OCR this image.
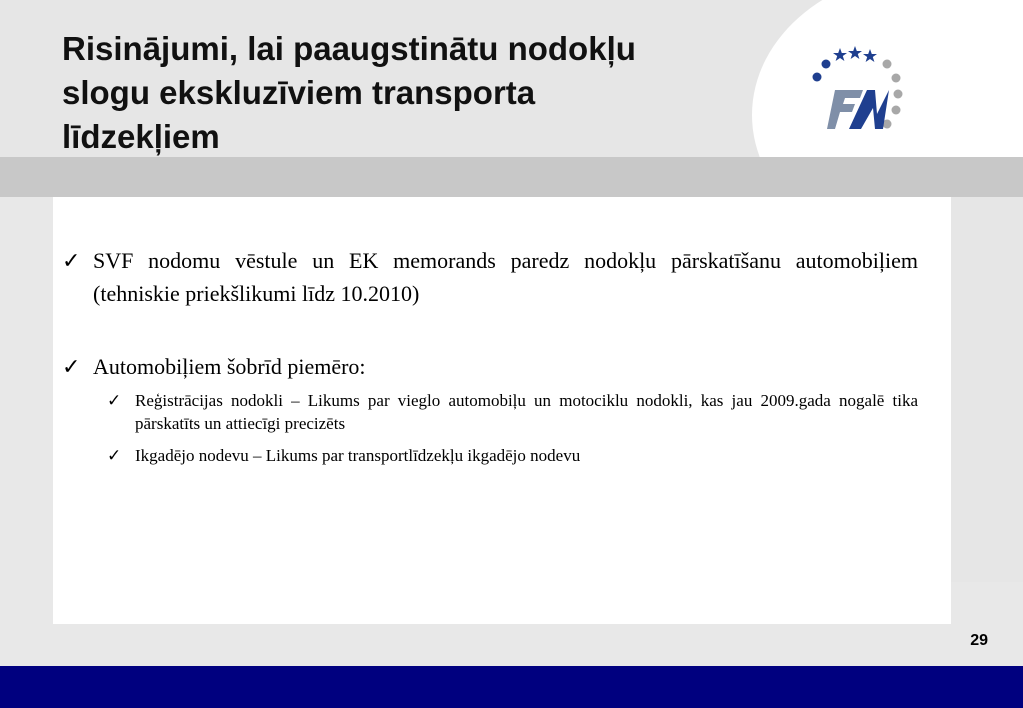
Risinājumi, lai paaugstinātu nodokļu slogu ekskluzīviem transporta līdzekļiem
✓ SVF nodomu vēstule un EK memorands paredz nodokļu pārskatīšanu automobiļiem (tehniskie priekšlikumi līdz 10.2010)
✓ Automobiļiem šobrīd piemēro:
✓ Reģistrācijas nodokli – Likums par vieglo automobiļu un motociklu nodokli, kas jau 2009.gada nogalē tika pārskatīts un attiecīgi precizēts
✓ Ikgadējo nodevu – Likums par transportlīdzekļu ikgadējo nodevu
29
